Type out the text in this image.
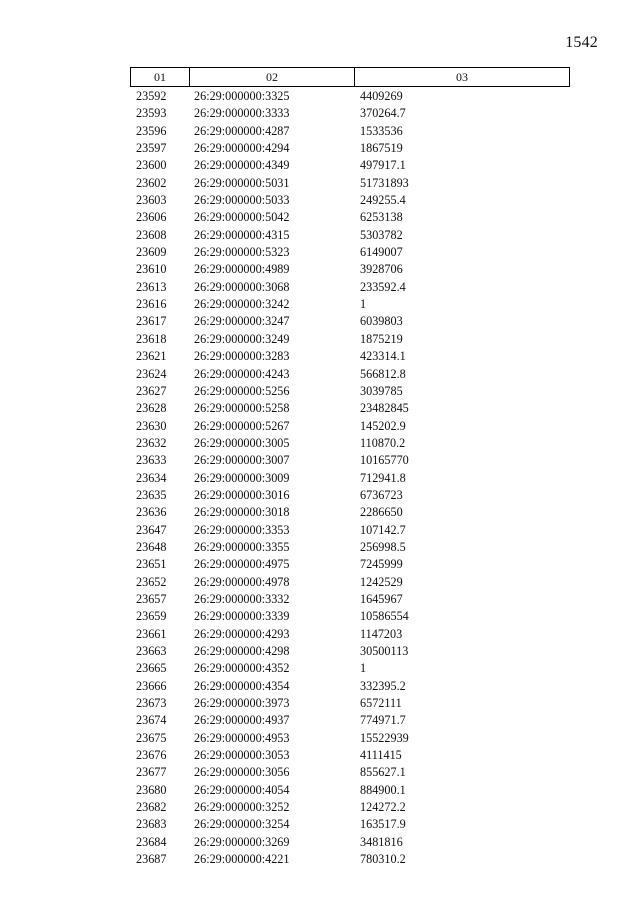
1542
01	02	03
23592	26:29:000000:3325	4409269
23593	26:29:000000:3333	370264.7
23596	26:29:000000:4287	1533536
23597	26:29:000000:4294	1867519
23600	26:29:000000:4349	497917.1
23602	26:29:000000:5031	51731893
23603	26:29:000000:5033	249255.4
23606	26:29:000000:5042	6253138
23608	26:29:000000:4315	5303782
23609	26:29:000000:5323	6149007
23610	26:29:000000:4989	3928706
23613	26:29:000000:3068	233592.4
23616	26:29:000000:3242	1
23617	26:29:000000:3247	6039803
23618	26:29:000000:3249	1875219
23621	26:29:000000:3283	423314.1
23624	26:29:000000:4243	566812.8
23627	26:29:000000:5256	3039785
23628	26:29:000000:5258	23482845
23630	26:29:000000:5267	145202.9
23632	26:29:000000:3005	110870.2
23633	26:29:000000:3007	10165770
23634	26:29:000000:3009	712941.8
23635	26:29:000000:3016	6736723
23636	26:29:000000:3018	2286650
23647	26:29:000000:3353	107142.7
23648	26:29:000000:3355	256998.5
23651	26:29:000000:4975	7245999
23652	26:29:000000:4978	1242529
23657	26:29:000000:3332	1645967
23659	26:29:000000:3339	10586554
23661	26:29:000000:4293	1147203
23663	26:29:000000:4298	30500113
23665	26:29:000000:4352	1
23666	26:29:000000:4354	332395.2
23673	26:29:000000:3973	6572111
23674	26:29:000000:4937	774971.7
23675	26:29:000000:4953	15522939
23676	26:29:000000:3053	4111415
23677	26:29:000000:3056	855627.1
23680	26:29:000000:4054	884900.1
23682	26:29:000000:3252	124272.2
23683	26:29:000000:3254	163517.9
23684	26:29:000000:3269	3481816
23687	26:29:000000:4221	780310.2
